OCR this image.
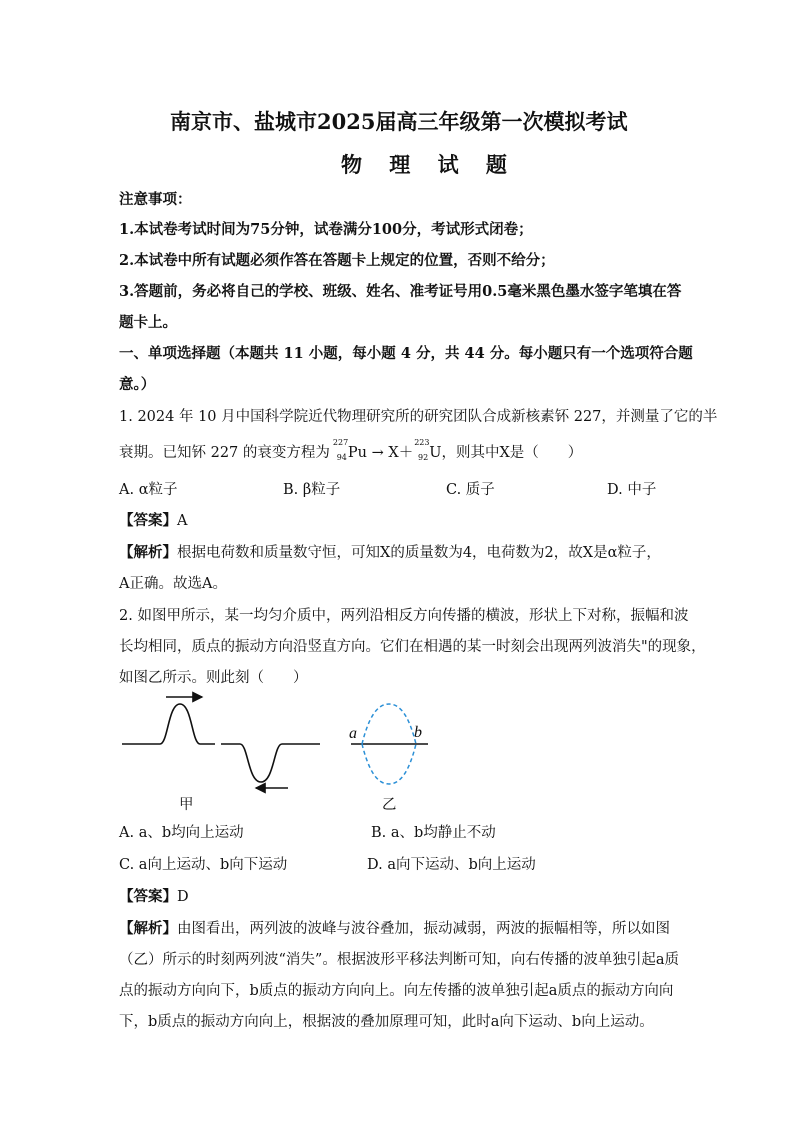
南京市、盐城市2025届高三年级第一次模拟考试
物 理 试 题
注意事项：
1.本试卷考试时间为75分钟，试卷满分100分，考试形式闭卷；
2.本试卷中所有试题必须作答在答题卡上规定的位置，否则不给分；
3.答题前，务必将自己的学校、班级、姓名、准考证号用0.5毫米黑色墨水签字笔填在答
题卡上。
一、单项选择题（本题共 11 小题，每小题 4 分，共 44 分。每小题只有一个选项符合题
意。）
1. 2024 年 10 月中国科学院近代物理研究所的研究团队合成新核素钚 227，并测量了它的半
衰期。已知钚 227 的衰变方程为
227
94 Pu → X＋
223
92 U，则其中X是（　　）
A. α粒子	B. β粒子	C. 质子	D. 中子
【答案】A
【解析】根据电荷数和质量数守恒，可知X的质量数为4，电荷数为2，故X是α粒子，
A正确。故选A。
2. 如图甲所示，某一均匀介质中，两列沿相反方向传播的横波，形状上下对称，振幅和波
长均相同，质点的振动方向沿竖直方向。它们在相遇的某一时刻会出现两列波消失"的现象，
如图乙所示。则此刻（　　）
甲
a	b
乙
A. a、b均向上运动	B. a、b均静止不动
C. a向上运动、b向下运动	D. a向下运动、b向上运动
【答案】D
【解析】由图看出，两列波的波峰与波谷叠加，振动减弱，两波的振幅相等，所以如图
（乙）所示的时刻两列波“消失”。根据波形平移法判断可知，向右传播的波单独引起a质
点的振动方向向下，b质点的振动方向向上。向左传播的波单独引起a质点的振动方向向
下，b质点的振动方向向上，根据波的叠加原理可知，此时a向下运动、b向上运动。
